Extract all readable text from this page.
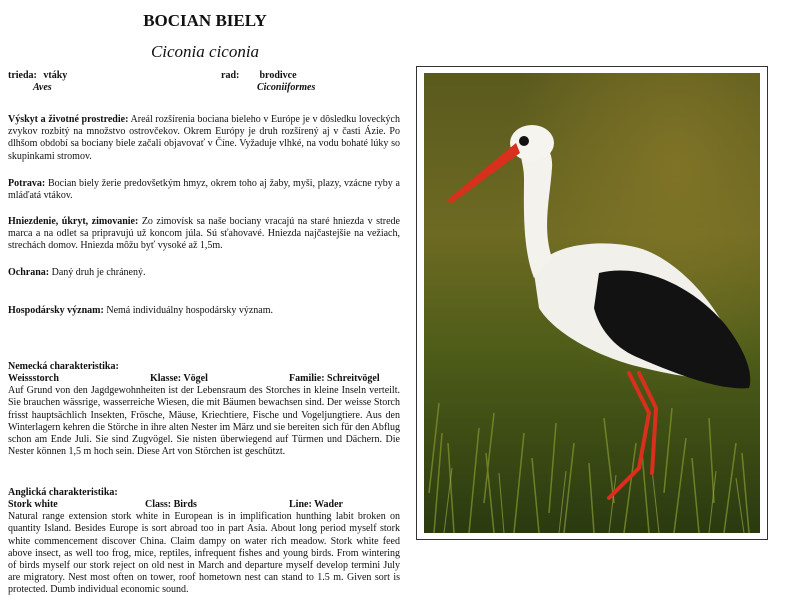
BOCIAN BIELY
Ciconia ciconia
trieda: vtáky
Aves
rad: brodivce
Ciconiiformes
Výskyt a životné prostredie: Areál rozšírenia bociana bieleho v Európe je v dôsledku loveckých zvykov rozbitý na množstvo ostrovčekov. Okrem Európy je druh rozšírený aj v časti Ázie. Po dlhšom období sa bociany biele začali objavovať v Číne. Vyžaduje vlhké, na vodu bohaté lúky so skupinkami stromov.
Potrava: Bocian biely žerie predovšetkým hmyz, okrem toho aj žaby, myši, plazy, vzácne ryby a mláďatá vtákov.
Hniezdenie, úkryt, zimovanie: Zo zimovísk sa naše bociany vracajú na staré hniezda v strede marca a na odlet sa pripravujú už koncom júla. Sú sťahovavé. Hniezda najčastejšie na vežiach, strechách domov. Hniezda môžu byť vysoké až 1,5m.
Ochrana: Daný druh je chránený.
Hospodársky význam: Nemá individuálny hospodársky význam.
Nemecká charakteristika:
Weissstorch	Klasse: Vögel	Familie: Schreitvögel
Auf Grund von den Jagdgewohnheiten ist der Lebensraum des Storches in kleine Inseln verteilt. Sie brauchen wässrige, wasserreiche Wiesen, die mit Bäumen bewachsen sind. Der weisse Storch frisst hauptsächlich Insekten, Frösche, Mäuse, Kriechtiere, Fische und Vogeljungtiere. Aus den Winterlagern kehren die Störche in ihre alten Nester im März und sie bereiten sich für den Abflug schon am Ende Juli. Sie sind Zugvögel. Sie nisten überwiegend auf Türmen und Dächern. Die Nester können 1,5 m hoch sein. Diese Art von Störchen ist geschützt.
Anglická charakteristika:
Stork white	Class: Birds	Line: Wader
Natural range extension stork white in European is in implification hunthing labit broken on quantity Island. Besides Europe is sort abroad too in part Asia. About long period myself stork white commencement discover China. Claim dampy on water rich meadow. Stork white feed above insect, as well too frog, mice, reptiles, infrequent fishes and young birds. From wintering of birds myself our stork reject on old nest in March and departure myself develop termini July are migratory. Nest most often on tower, roof hometown nest can stand to 1.5 m. Given sort is protected. Dumb individual economic sound.
